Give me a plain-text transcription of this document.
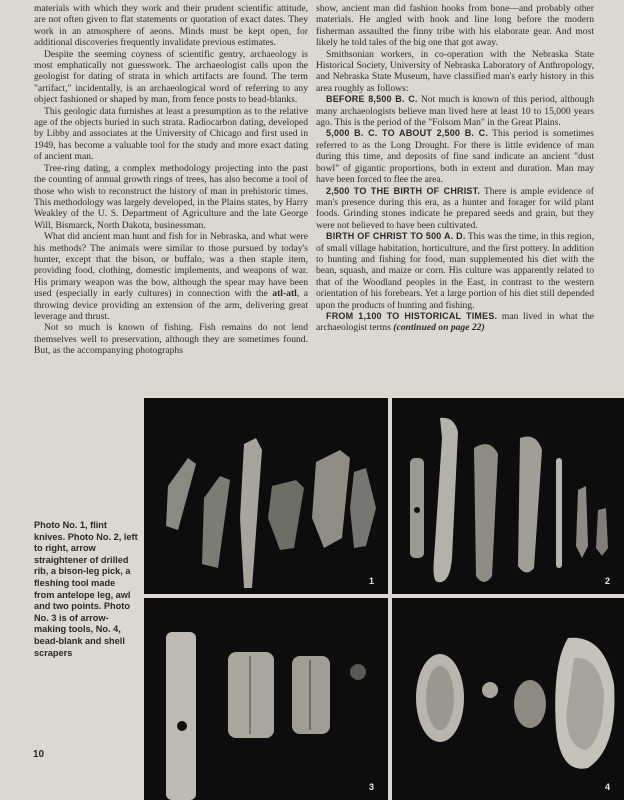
materials with which they work and their prudent scientific attitude, are not often given to flat statements or quotation of exact dates. They work in an atmosphere of aeons. Minds must be kept open, for additional discoveries frequently invalidate previous estimates.

Despite the seeming coyness of scientific gentry, archaeology is most emphatically not guesswork. The archaeologist calls upon the geologist for dating of strata in which artifacts are found. The term "artifact," incidentally, is an archaeological word of referring to any object fashioned or shaped by man, from fence posts to bead-blanks.

This geologic data furnishes at least a presumption as to the relative age of the objects buried in such strata. Radiocarbon dating, developed by Libby and associates at the University of Chicago and first used in 1949, has become a valuable tool for the study and more exact dating of ancient man.

Tree-ring dating, a complex methodology projecting into the past the counting of annual growth rings of trees, has also become a tool of those who wish to reconstruct the history of man in prehistoric times. This methodology was largely developed, in the Plains states, by Harry Weakley of the U. S. Department of Agriculture and the late George Will, Bismarck, North Dakota, businessman.

What did ancient man hunt and fish for in Nebraska, and what were his methods? The animals were similar to those pursued by today's hunter, except that the bison, or buffalo, was a then staple item, providing food, clothing, domestic implements, and weapons of war. His primary weapon was the bow, although the spear may have been used (especially in early cultures) in connection with the atl-atl, a throwing device providing an extension of the arm, delivering great leverage and thrust.

Not so much is known of fishing. Fish remains do not lend themselves well to preservation, although they are sometimes found. But, as the accompanying photographs

show, ancient man did fashion hooks from bone—and probably other materials. He angled with hook and line long before the modern fisherman assaulted the finny tribe with his elaborate gear. And most likely he told tales of the big one that got away.

Smithsonian workers, in co-operation with the Nebraska State Historical Society, University of Nebraska Laboratory of Anthropology, and Nebraska State Museum, have classified man's early history in this area roughly as follows:

BEFORE 8,500 B. C. Not much is known of this period, although many archaeologists believe man lived here at least 10 to 15,000 years ago. This is the period of the "Folsom Man" in the Great Plains.

5,000 B. C. TO ABOUT 2,500 B. C. This period is sometimes referred to as the Long Drought. For there is little evidence of man during this time, and deposits of fine sand indicate an ancient "dust bowl" of gigantic proportions, both in extent and duration. Man may have been forced to flee the area.

2,500 TO THE BIRTH OF CHRIST. There is ample evidence of man's presence during this era, as a hunter and forager for wild plant foods. Grinding stones indicate he prepared seeds and grain, but they were not believed to have been cultivated.

BIRTH OF CHRIST TO 500 A. D. This was the time, in this region, of small village habitation, horticulture, and the first pottery. In addition to hunting and fishing for food, man supplemented his diet with the bean, squash, and maize or corn. His culture was apparently related to that of the Woodland peoples in the East, in contrast to the western orientation of his forebears. Yet a large portion of his diet still depended upon the products of hunting and fishing.

FROM 1,100 TO HISTORICAL TIMES. man lived in what the archaeologist terms (continued on page 22)

1	2
3	4
Photo No. 1, flint knives. Photo No. 2, left to right, arrow straightener of drilled rib, a bison-leg pick, a fleshing tool made from antelope leg, awl and two points. Photo No. 3 is of arrow-making tools, No. 4, bead-blank and shell scrapers
10
